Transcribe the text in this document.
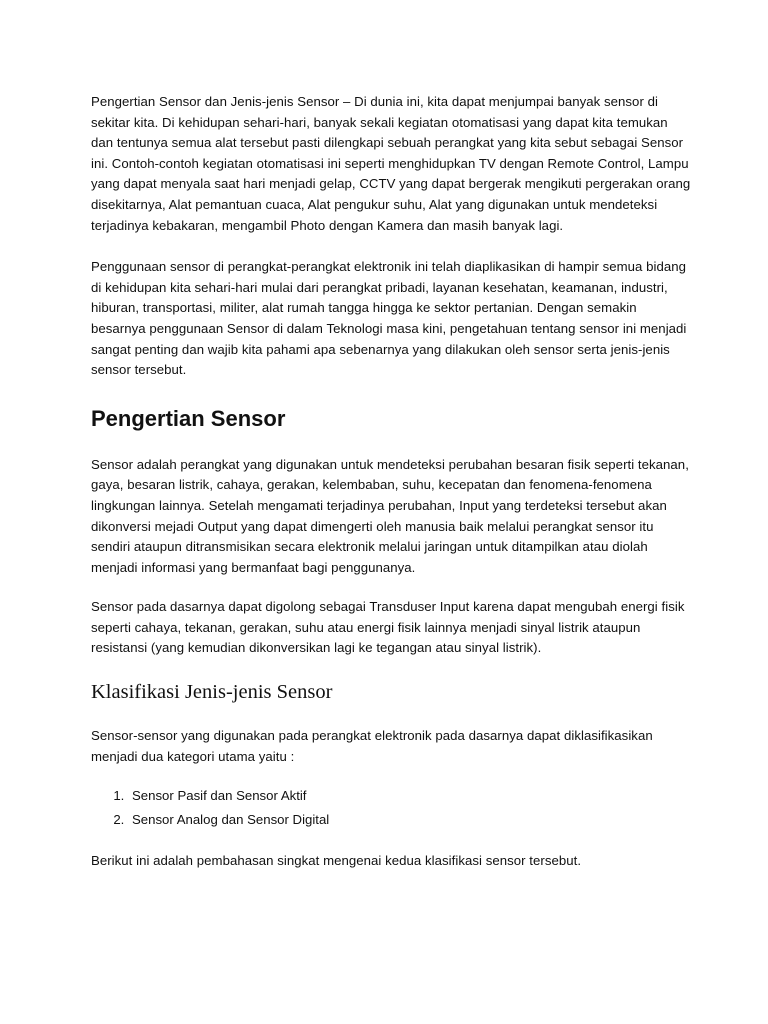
Pengertian Sensor dan Jenis-jenis Sensor – Di dunia ini, kita dapat menjumpai banyak sensor di sekitar kita. Di kehidupan sehari-hari, banyak sekali kegiatan otomatisasi yang dapat kita temukan dan tentunya semua alat tersebut pasti dilengkapi sebuah perangkat yang kita sebut sebagai Sensor ini. Contoh-contoh kegiatan otomatisasi ini seperti menghidupkan TV dengan Remote Control, Lampu yang dapat menyala saat hari menjadi gelap, CCTV yang dapat bergerak mengikuti pergerakan orang disekitarnya, Alat pemantuan cuaca, Alat pengukur suhu, Alat yang digunakan untuk mendeteksi terjadinya kebakaran, mengambil Photo dengan Kamera dan masih banyak lagi.

Penggunaan sensor di perangkat-perangkat elektronik ini telah diaplikasikan di hampir semua bidang di kehidupan kita sehari-hari mulai dari perangkat pribadi, layanan kesehatan, keamanan, industri, hiburan, transportasi, militer, alat rumah tangga hingga ke sektor pertanian. Dengan semakin besarnya penggunaan Sensor di dalam Teknologi masa kini, pengetahuan tentang sensor ini menjadi sangat penting dan wajib kita pahami apa sebenarnya yang dilakukan oleh sensor serta jenis-jenis sensor tersebut.

Pengertian Sensor

Sensor adalah perangkat yang digunakan untuk mendeteksi perubahan besaran fisik seperti tekanan, gaya, besaran listrik, cahaya, gerakan, kelembaban, suhu, kecepatan dan fenomena-fenomena lingkungan lainnya. Setelah mengamati terjadinya perubahan, Input yang terdeteksi tersebut akan dikonversi mejadi Output yang dapat dimengerti oleh manusia baik melalui perangkat sensor itu sendiri ataupun ditransmisikan secara elektronik melalui jaringan untuk ditampilkan atau diolah menjadi informasi yang bermanfaat bagi penggunanya.

Sensor pada dasarnya dapat digolong sebagai Transduser Input karena dapat mengubah energi fisik seperti cahaya, tekanan, gerakan, suhu atau energi fisik lainnya menjadi sinyal listrik ataupun resistansi (yang kemudian dikonversikan lagi ke tegangan atau sinyal listrik).

Klasifikasi Jenis-jenis Sensor

Sensor-sensor yang digunakan pada perangkat elektronik pada dasarnya dapat diklasifikasikan menjadi dua kategori utama yaitu :

1. Sensor Pasif dan Sensor Aktif
2. Sensor Analog dan Sensor Digital

Berikut ini adalah pembahasan singkat mengenai kedua klasifikasi sensor tersebut.
